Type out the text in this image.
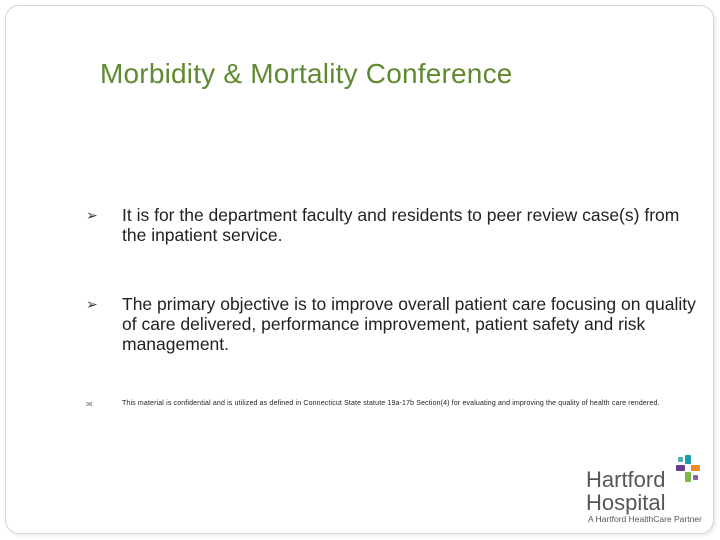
Morbidity & Mortality Conference
➢ It is for the department faculty and residents to peer review case(s) from the inpatient service.
➢ The primary objective is to improve overall patient care focusing on quality of care delivered, performance improvement, patient safety and risk management.
✉	This material is confidential and is utilized as defined in Connecticut State statute 19a-17b Section(4) for evaluating and improving the quality of health care rendered.
Hartford
Hospital
A Hartford HealthCare Partner
